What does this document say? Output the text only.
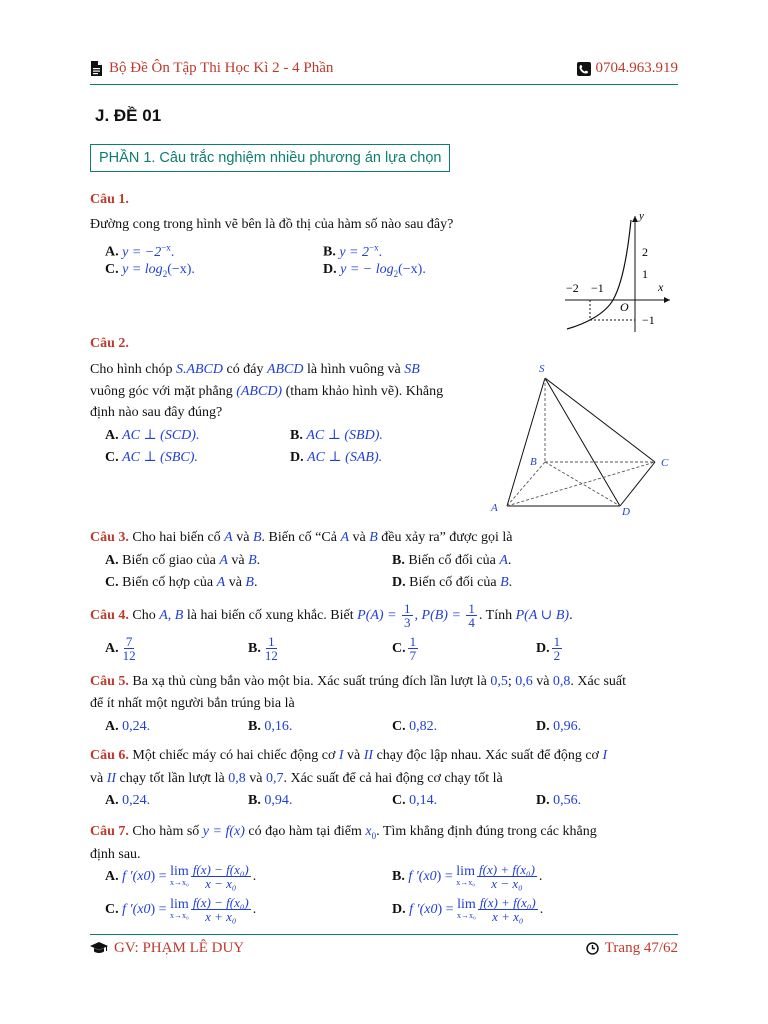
Bộ Đề Ôn Tập Thi Học Kì 2 - 4 Phần	0704.963.919
J. ĐỀ 01
PHẦN 1. Câu trắc nghiệm nhiều phương án lựa chọn
Câu 1.
Đường cong trong hình vẽ bên là đồ thị của hàm số nào sau đây?
A. $y = -2^{-x}$.	B. $y = 2^{-x}$.
C. $y = \log_2(-x)$.	D. y = − $\log_2(-x)$.
y
x
O
2
1
−1
−2 −1
Câu 2.
Cho hình chóp S.ABCD có đáy ABCD là hình vuông và SB
vuông góc với mặt phẳng (ABCD) (tham khảo hình vẽ). Khẳng
định nào sau đây đúng?
A. AC ⊥ (SCD).	B. AC ⊥ (SBD).
C. AC ⊥ (SBC).	D. AC ⊥ (SAB).
S
B	C
A	D
Câu 3. Cho hai biến cố A và B. Biến cố “Cả A và B đều xảy ra” được gọi là
A. Biến cố giao của A và B.	B. Biến cố đối của A.
C. Biến cố hợp của A và B.	D. Biến cố đối của B.
Câu 4. Cho A, B là hai biến cố xung khắc. Biết $P(A) = \frac{1}{3}$ , $P(B) = \frac{1}{4}$ . Tính P(A ∪ B).
A. $\frac{7}{12}$	B. $\frac{1}{12}$	C. $\frac{1}{7}$	D. $\frac{1}{2}$
Câu 5. Ba xạ thủ cùng bắn vào một bia. Xác suất trúng đích lần lượt là 0,5; 0,6 và 0,8. Xác suất
để ít nhất một người bắn trúng bia là
A. 0,24.	B. 0,16.	C. 0,82.	D. 0,96.
Câu 6. Một chiếc máy có hai chiếc động cơ I và II chạy độc lập nhau. Xác suất để động cơ I
và II chạy tốt lần lượt là 0,8 và 0,7. Xác suất để cả hai động cơ chạy tốt là
A. 0,24.	B. 0,94.	C. 0,14.	D. 0,56.
Câu 7. Cho hàm số y = f(x) có đạo hàm tại điểm $x_0$. Tìm khẳng định đúng trong các khẳng
định sau.
A. f ′(x0) = lim
$x\to x_0 \frac{\text{f(x) − f(x₀)}}{\text{x − x₀}}$ .	B. f ′(x0) = lim
$x\to x_0 \frac{\text{f(x) + f(x₀)}}{\text{x − x₀}}$ .
C. f ′(x0) = lim
$x\to x_0 \frac{\text{f(x) − f(x₀)}}{\text{x + x₀}}$ .	D. f ′(x0) = lim
$x\to x_0 \frac{\text{f(x) + f(x₀)}}{\text{x + x₀}}$ .
GV: PHẠM LÊ DUY	Trang 47/62
